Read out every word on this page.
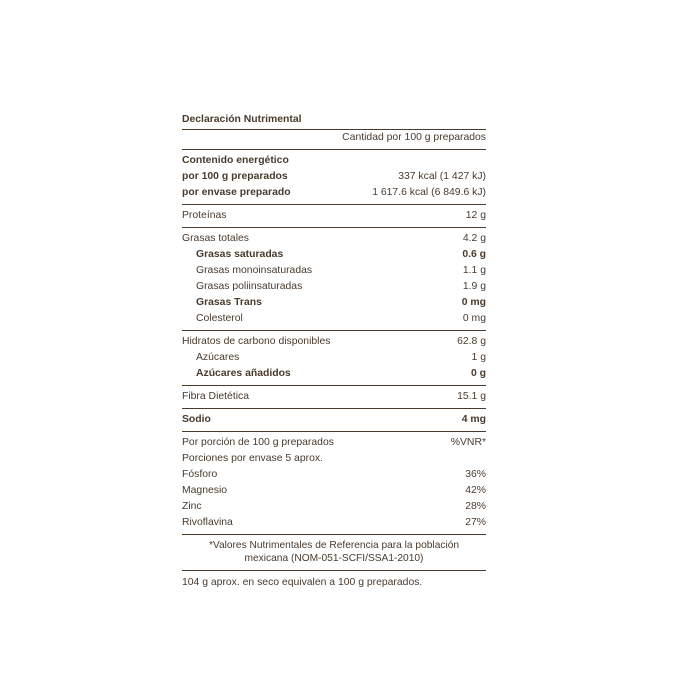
Declaración Nutrimental
Cantidad por 100 g preparados
Contenido energético
por 100 g preparados	337 kcal (1 427 kJ)
por envase preparado	1 617.6 kcal (6 849.6 kJ)
Proteínas	12 g
Grasas totales	4.2 g
Grasas saturadas	0.6 g
Grasas monoinsaturadas	1.1 g
Grasas poliinsaturadas	1.9 g
Grasas Trans	0 mg
Colesterol	0 mg
Hidratos de carbono disponibles	62.8 g
Azúcares	1 g
Azúcares añadidos	0 g
Fibra Dietética	15.1 g
Sodio	4 mg
Por porción de 100 g preparados	%VNR*
Porciones por envase 5 aprox.
Fósforo	36%
Magnesio	42%
Zinc	28%
Rivoflavina	27%
*Valores Nutrimentales de Referencia para la población
mexicana (NOM-051-SCFI/SSA1-2010)
104 g aprox. en seco equivalen a 100 g preparados.
